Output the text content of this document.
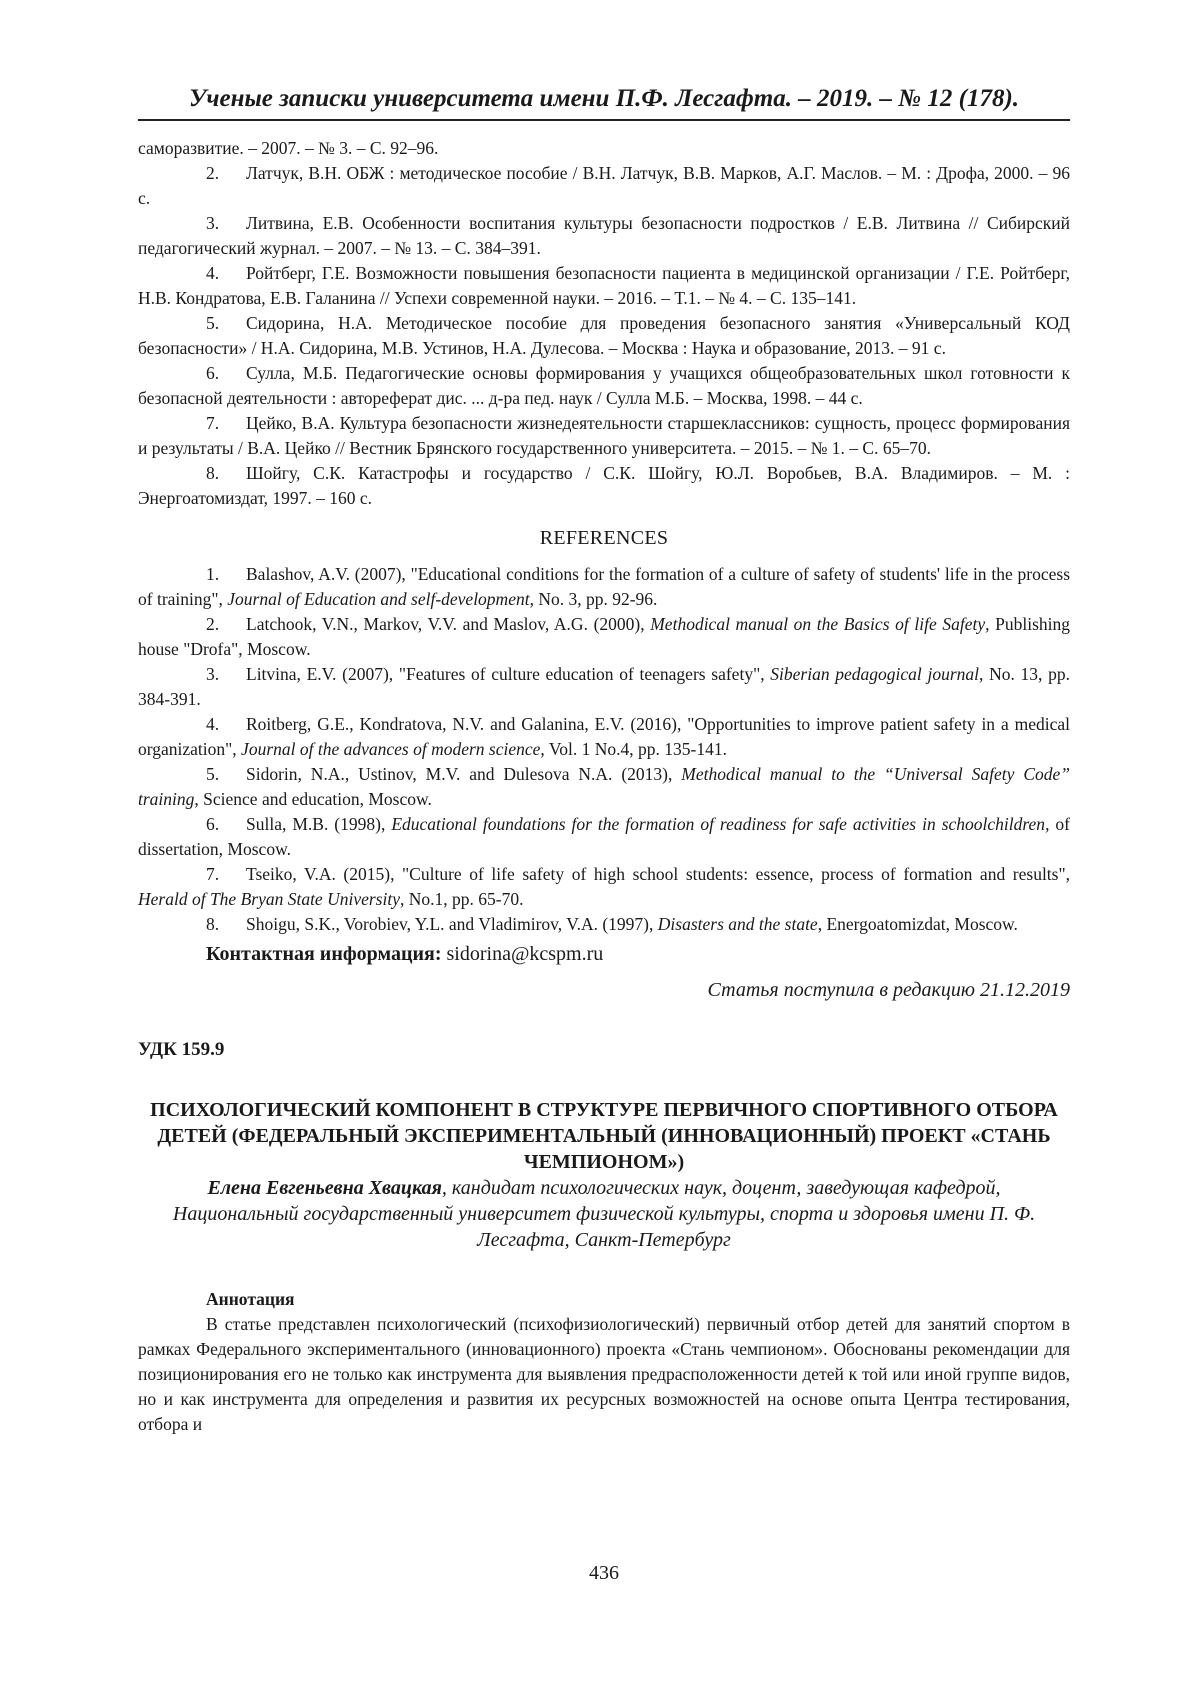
Ученые записки университета имени П.Ф. Лесгафта. – 2019. – № 12 (178).

саморазвитие. – 2007. – № 3. – С. 92–96.

2. Латчук, В.Н. ОБЖ : методическое пособие / В.Н. Латчук, В.В. Марков, А.Г. Маслов. – М. : Дрофа, 2000. – 96 с.

3. Литвина, Е.В. Особенности воспитания культуры безопасности подростков / Е.В. Литвина // Сибирский педагогический журнал. – 2007. – № 13. – С. 384–391.

4. Ройтберг, Г.Е. Возможности повышения безопасности пациента в медицинской организации / Г.Е. Ройтберг, Н.В. Кондратова, Е.В. Галанина // Успехи современной науки. – 2016. – Т.1. – № 4. – С. 135–141.

5. Сидорина, Н.А. Методическое пособие для проведения безопасного занятия «Универсальный КОД безопасности» / Н.А. Сидорина, М.В. Устинов, Н.А. Дулесова. – Москва : Наука и образование, 2013. – 91 с.

6. Сулла, М.Б. Педагогические основы формирования у учащихся общеобразовательных школ готовности к безопасной деятельности : автореферат дис. ... д-ра пед. наук / Сулла М.Б. – Москва, 1998. – 44 с.

7. Цейко, В.А. Культура безопасности жизнедеятельности старшеклассников: сущность, процесс формирования и результаты / В.А. Цейко // Вестник Брянского государственного университета. – 2015. – № 1. – С. 65–70.

8. Шойгу, С.К. Катастрофы и государство / С.К. Шойгу, Ю.Л. Воробьев, В.А. Владимиров. – М. : Энергоатомиздат, 1997. – 160 с.

REFERENCES

1. Balashov, A.V. (2007), "Educational conditions for the formation of a culture of safety of students' life in the process of training", Journal of Education and self-development, No. 3, pp. 92-96.

2. Latchook, V.N., Markov, V.V. and Maslov, A.G. (2000), Methodical manual on the Basics of life Safety, Publishing house "Drofa", Moscow.

3. Litvina, E.V. (2007), "Features of culture education of teenagers safety", Siberian pedagogical journal, No. 13, pp. 384-391.

4. Roitberg, G.E., Kondratova, N.V. and Galanina, E.V. (2016), "Opportunities to improve patient safety in a medical organization", Journal of the advances of modern science, Vol. 1 No.4, pp. 135-141.

5. Sidorin, N.A., Ustinov, M.V. and Dulesova N.A. (2013), Methodical manual to the “Universal Safety Code” training, Science and education, Moscow.

6. Sulla, M.B. (1998), Educational foundations for the formation of readiness for safe activities in schoolchildren, of dissertation, Moscow.

7. Tseiko, V.A. (2015), "Culture of life safety of high school students: essence, process of formation and results", Herald of The Bryan State University, No.1, pp. 65-70.

8. Shoigu, S.K., Vorobiev, Y.L. and Vladimirov, V.A. (1997), Disasters and the state, Energoatomizdat, Moscow.

Контактная информация: sidorina@kcspm.ru

Статья поступила в редакцию 21.12.2019

УДК 159.9

ПСИХОЛОГИЧЕСКИЙ КОМПОНЕНТ В СТРУКТУРЕ ПЕРВИЧНОГО СПОРТИВНОГО ОТБОРА ДЕТЕЙ (ФЕДЕРАЛЬНЫЙ ЭКСПЕРИМЕНТАЛЬНЫЙ (ИННОВАЦИОННЫЙ) ПРОЕКТ «СТАНЬ ЧЕМПИОНОМ»)

Елена Евгеньевна Хвацкая, кандидат психологических наук, доцент, заведующая кафедрой, Национальный государственный университет физической культуры, спорта и здоровья имени П. Ф. Лесгафта, Санкт-Петербург

Аннотация

В статье представлен психологический (психофизиологический) первичный отбор детей для занятий спортом в рамках Федерального экспериментального (инновационного) проекта «Стань чемпионом». Обоснованы рекомендации для позиционирования его не только как инструмента для выявления предрасположенности детей к той или иной группе видов, но и как инструмента для определения и развития их ресурсных возможностей на основе опыта Центра тестирования, отбора и

436
